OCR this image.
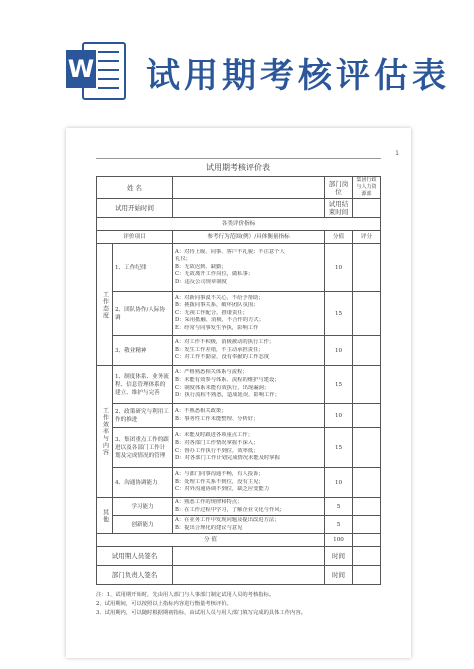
W 试用期考核评估表
1
试用期考核评价表
姓 名			部门岗位	集团行政与人力资源部
试用开始时间			试用结束时间	
各类评价指标				
评价项目		参考行为范围(例）/具体衡量指标	分值	评分
工作态度	1、工作纪律	A：对待上级、同事、客户不礼貌；不注意个人
礼仪；
B：无故迟到、缺勤；
C：无故离开工作岗位，做私事；
D：违反公司规章制度	10	
	2、团队协作/人际协调	A：对新同事漠不关心，不给予帮助；
B：挑拨同事关系，破坏团队氛围；
C：无视工作配合，推诿责任；
D：采用抵触、消极、不合作的方式；
E：经常与同事发生争执，影响工作	15	
	3、敬业精神	A：对工作不积极，消极被动的执行工作；
B：发生工作差错，不主动承担责任；
C：对工作不勤奋，没有奉献的工作态度	10	
工作效率与内容	1、制度体系、业务流程、信息管理体系的建立、维护与完善	A：严格熟悉相关体系与流程；
B：未能有效参与体系、流程的维护与建设；
C：制度体系未能有效执行，出现漏洞；
D：执行流程不熟悉，造成延误，影响工作；	15	
	2、政策研究与利用工作的推进	A：不熟悉相关政策；
B：事务性工作未能整理、分析好；	10	
	3、集团重点工作的跟进以及各部门工作计划及完成情况的管理	A：未能及时跟进各项重点工作；
B：对各部门工作情况掌握不深入；
C：督办工作执行不到位，效率低；
D：对各部门工作计划完成情况未能及时掌握	15	
	4、沟通协调能力	A：与部门同事沟通不畅，有人投诉；
B：处理工作关系不到位，没有主见；
C：对外沟通协调不到位，缺乏应变能力	10	
其他	学习能力	A：熟悉工作的规律和特点；
B：在工作过程中学习，了解企业文化与作风；	5	
	创新能力	A：在业务工作中发现问题及提出改进方法；
B：提出合理化的建议与意见	5	
分 值			100	
试用期人员签名			时间	
部门负责人签名			时间	
注：1、试用期开始时，先由用人部门与人事部门制定试用人员的考核指标。
2、试用期间，可以按照以上指标内容进行衡量考核评价。
3、试用期内，可以随时根据期初指标，由试用人员与用人部门填写完成的具体工作内容。
